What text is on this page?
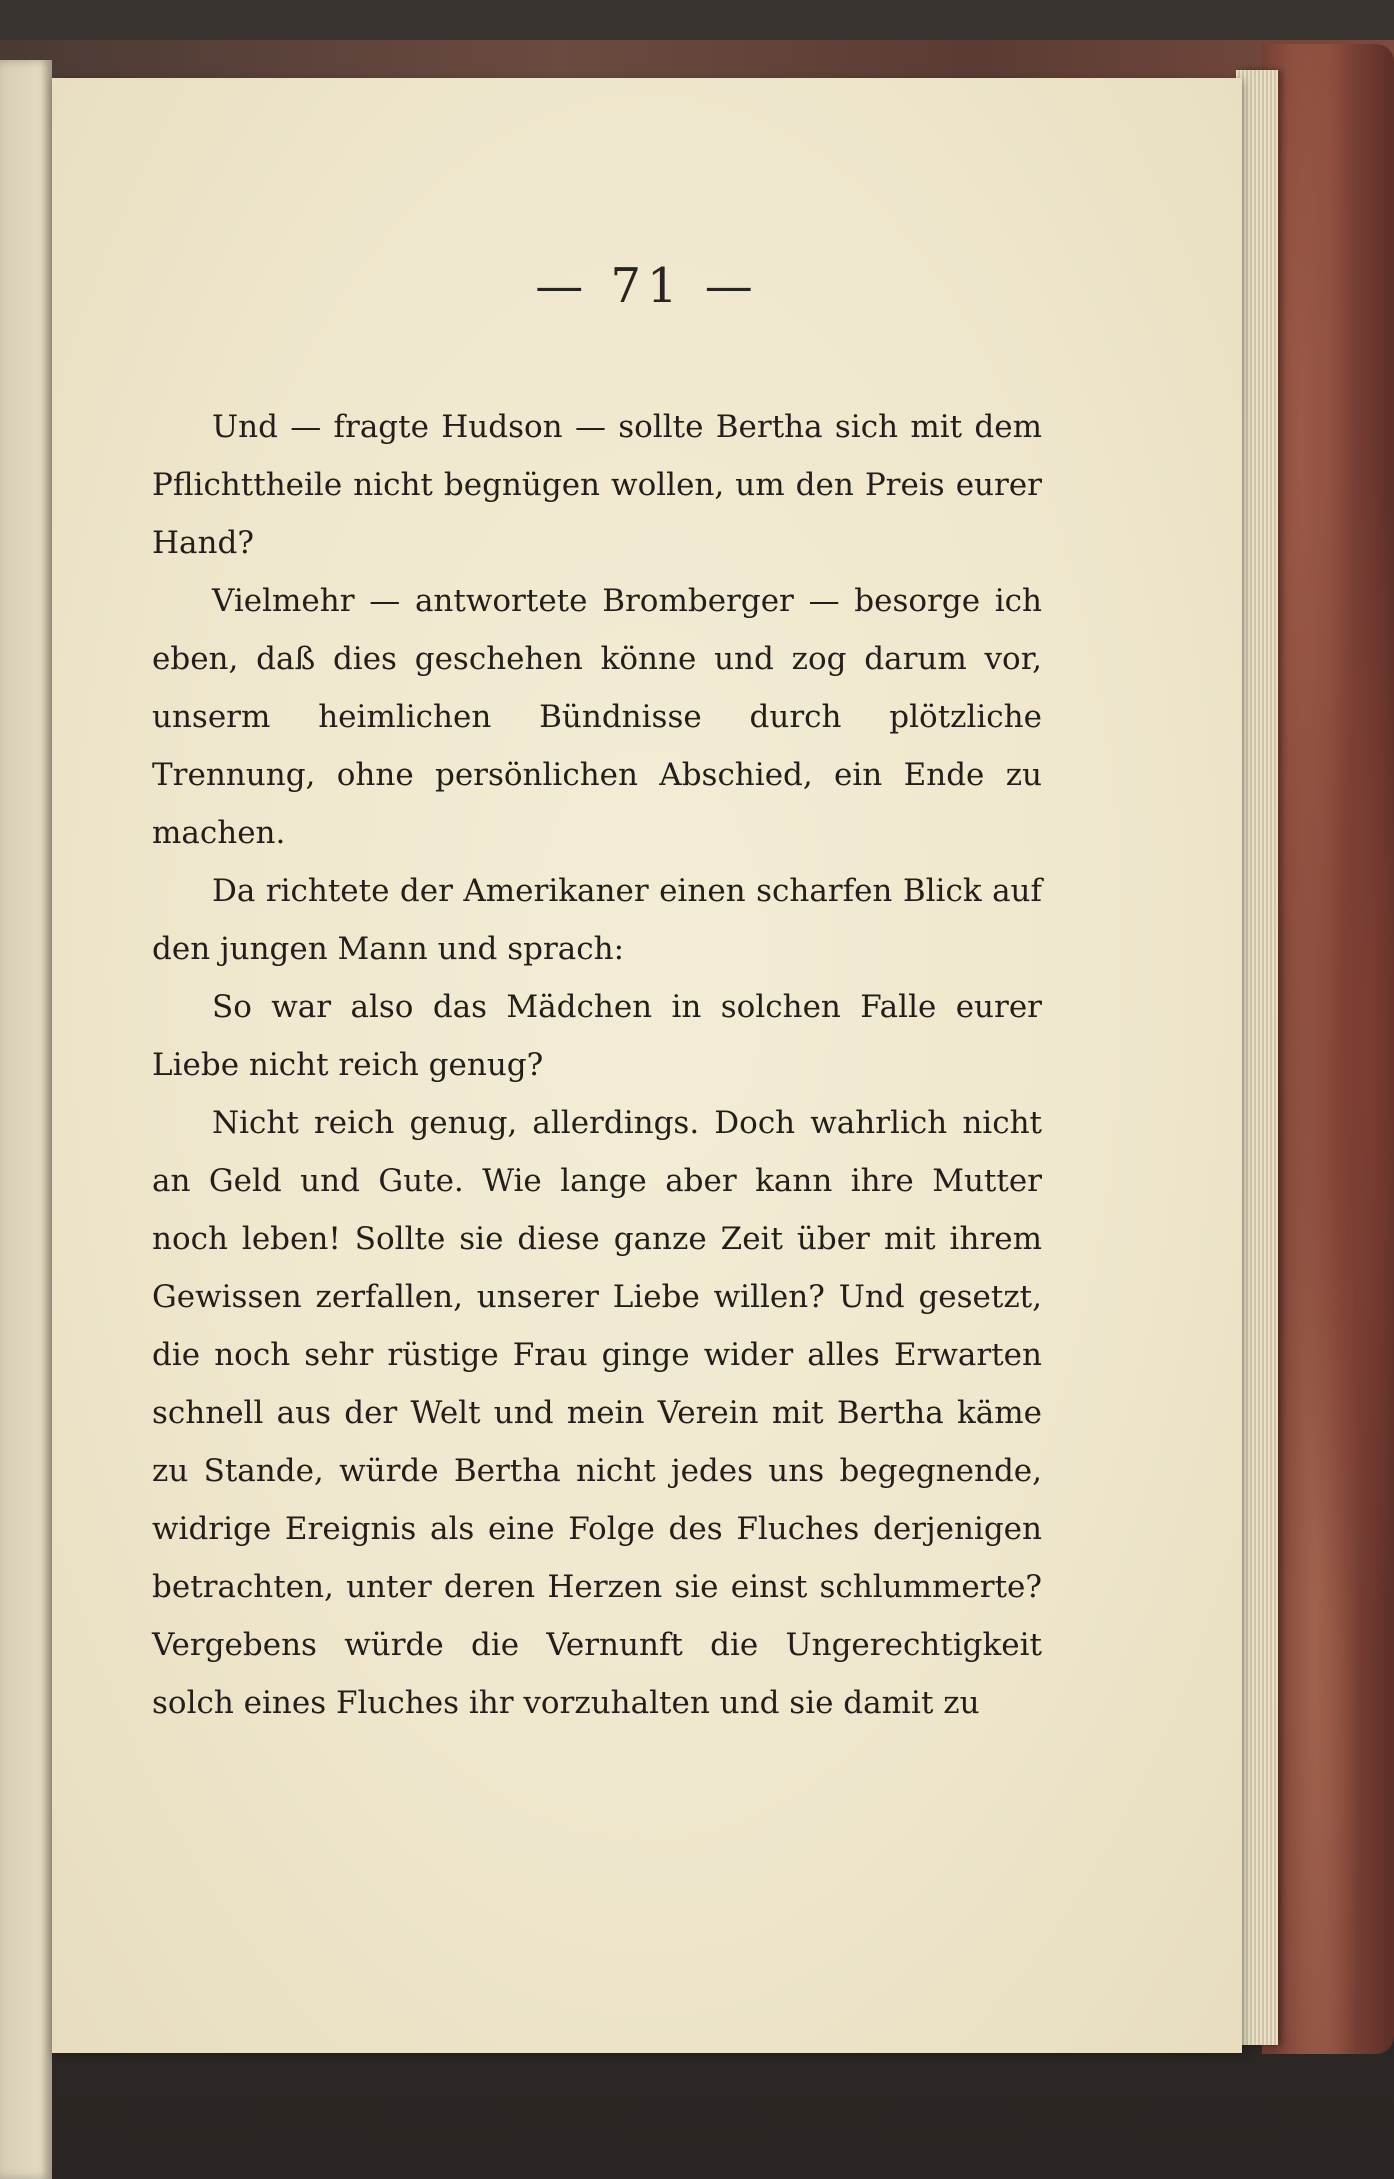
— 71 —

Und — fragte Hudson — sollte Bertha sich mit dem Pflichttheile nicht begnügen wollen, um den Preis eurer Hand?

Vielmehr — antwortete Bromberger — besorge ich eben, daß dies geschehen könne und zog darum vor, unserm heimlichen Bündnisse durch plötzliche Trennung, ohne persönlichen Abschied, ein Ende zu machen.

Da richtete der Amerikaner einen scharfen Blick auf den jungen Mann und sprach:

So war also das Mädchen in solchen Falle eurer Liebe nicht reich genug?

Nicht reich genug, allerdings. Doch wahrlich nicht an Geld und Gute. Wie lange aber kann ihre Mutter noch leben! Sollte sie diese ganze Zeit über mit ihrem Gewissen zerfallen, unserer Liebe willen? Und gesetzt, die noch sehr rüstige Frau ginge wider alles Erwarten schnell aus der Welt und mein Verein mit Bertha käme zu Stande, würde Bertha nicht jedes uns begegnende, widrige Ereignis als eine Folge des Fluches derjenigen betrachten, unter deren Herzen sie einst schlummerte? Vergebens würde die Vernunft die Ungerechtigkeit solch eines Fluches ihr vorzuhalten und sie damit zu
